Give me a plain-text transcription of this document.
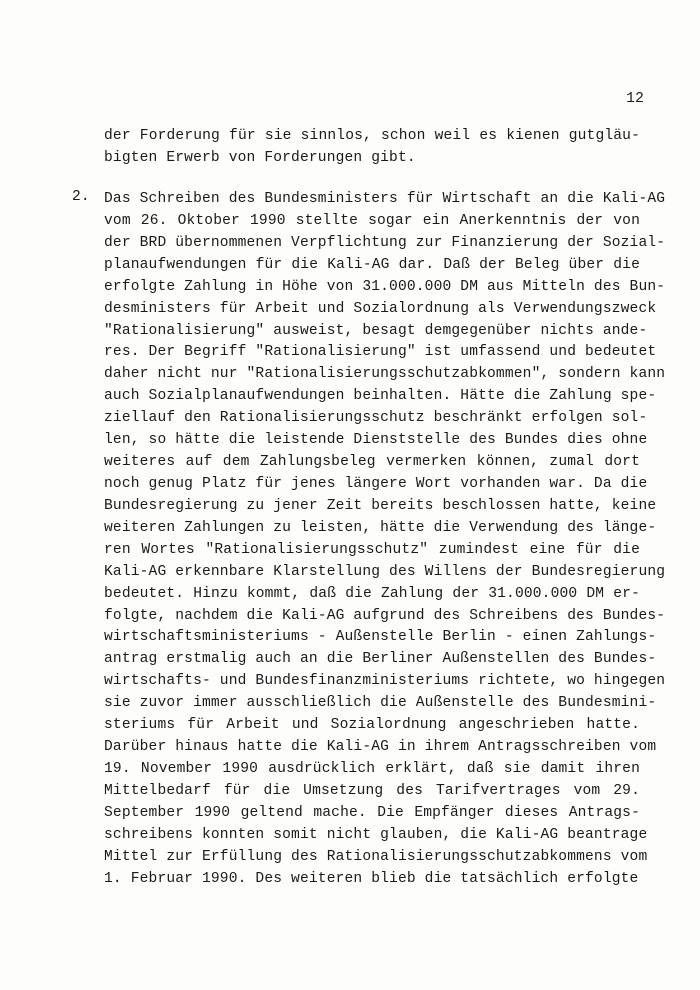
12
der Forderung für sie sinnlos, schon weil es kienen gutgläu-
bigten Erwerb von Forderungen gibt.
2. Das Schreiben des Bundesministers für Wirtschaft an die Kali-AG
vom 26. Oktober 1990 stellte sogar ein Anerkenntnis der von
der BRD übernommenen Verpflichtung zur Finanzierung der Sozial-
planaufwendungen für die Kali-AG dar. Daß der Beleg über die
erfolgte Zahlung in Höhe von 31.000.000 DM aus Mitteln des Bun-
desministers für Arbeit und Sozialordnung als Verwendungszweck
"Rationalisierung" ausweist, besagt demgegenüber nichts ande-
res. Der Begriff "Rationalisierung" ist umfassend und bedeutet
daher nicht nur "Rationalisierungsschutzabkommen", sondern kann
auch Sozialplanaufwendungen beinhalten. Hätte die Zahlung spe-
ziellauf den Rationalisierungsschutz beschränkt erfolgen sol-
len, so hätte die leistende Dienststelle des Bundes dies ohne
weiteres auf dem Zahlungsbeleg vermerken können, zumal dort
noch genug Platz für jenes längere Wort vorhanden war. Da die
Bundesregierung zu jener Zeit bereits beschlossen hatte, keine
weiteren Zahlungen zu leisten, hätte die Verwendung des länge-
ren Wortes "Rationalisierungsschutz" zumindest eine für die
Kali-AG erkennbare Klarstellung des Willens der Bundesregierung
bedeutet. Hinzu kommt, daß die Zahlung der 31.000.000 DM er-
folgte, nachdem die Kali-AG aufgrund des Schreibens des Bundes-
wirtschaftsministeriums - Außenstelle Berlin - einen Zahlungs-
antrag erstmalig auch an die Berliner Außenstellen des Bundes-
wirtschafts- und Bundesfinanzministeriums richtete, wo hingegen
sie zuvor immer ausschließlich die Außenstelle des Bundesmini-
steriums für Arbeit und Sozialordnung angeschrieben hatte.
Darüber hinaus hatte die Kali-AG in ihrem Antragsschreiben vom
19. November 1990 ausdrücklich erklärt, daß sie damit ihren
Mittelbedarf für die Umsetzung des Tarifvertrages vom 29.
September 1990 geltend mache. Die Empfänger dieses Antrags-
schreibens konnten somit nicht glauben, die Kali-AG beantrage
Mittel zur Erfüllung des Rationalisierungsschutzabkommens vom
1. Februar 1990. Des weiteren blieb die tatsächlich erfolgte
